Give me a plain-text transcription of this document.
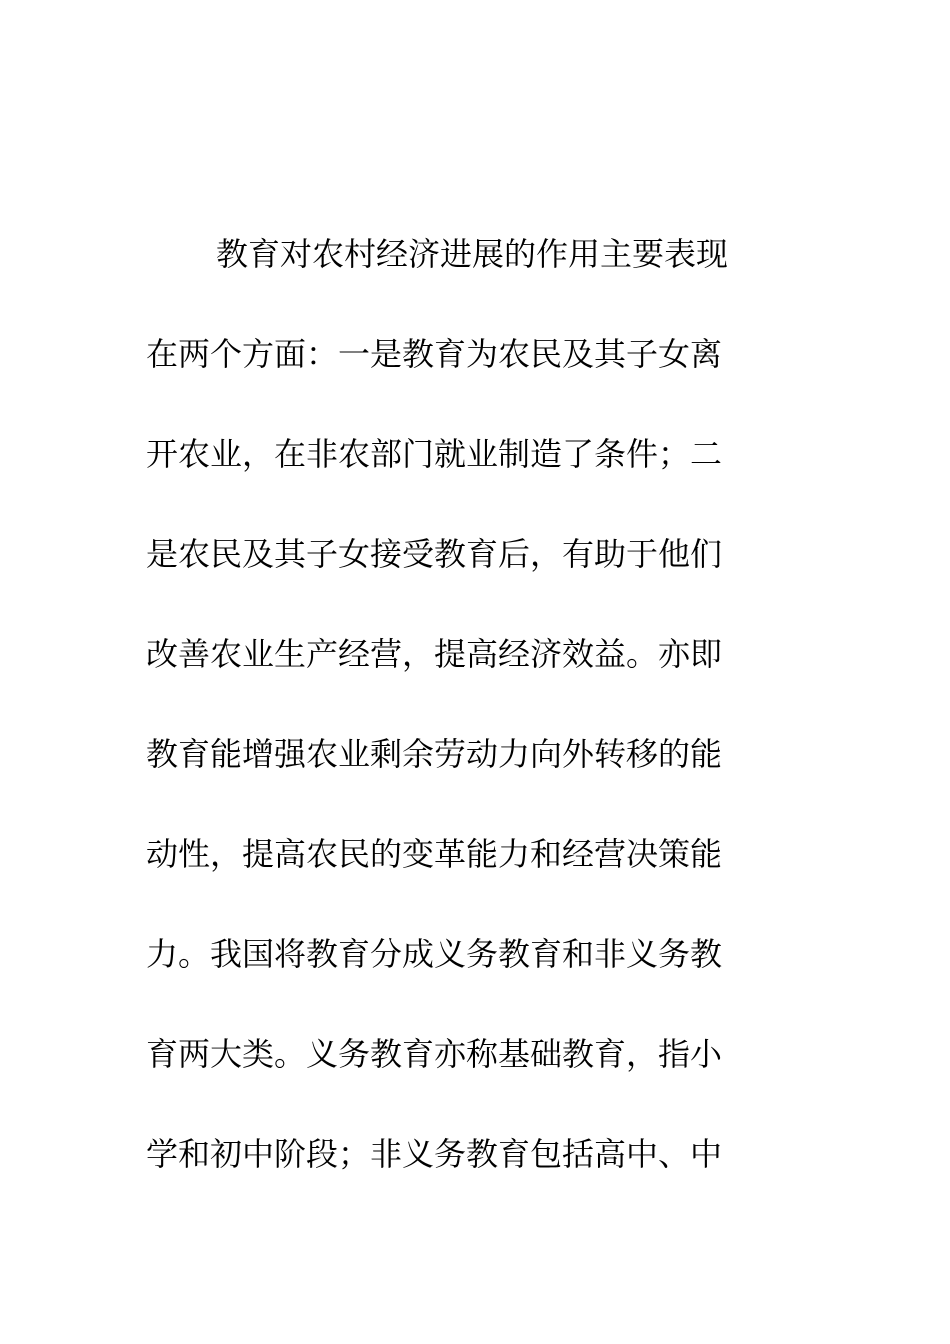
教育对农村经济进展的作用主要表现
在两个方面：一是教育为农民及其子女离
开农业，在非农部门就业制造了条件；二
是农民及其子女接受教育后，有助于他们
改善农业生产经营，提高经济效益。亦即
教育能增强农业剩余劳动力向外转移的能
动性，提高农民的变革能力和经营决策能
力。我国将教育分成义务教育和非义务教
育两大类。义务教育亦称基础教育，指小
学和初中阶段；非义务教育包括高中、中
